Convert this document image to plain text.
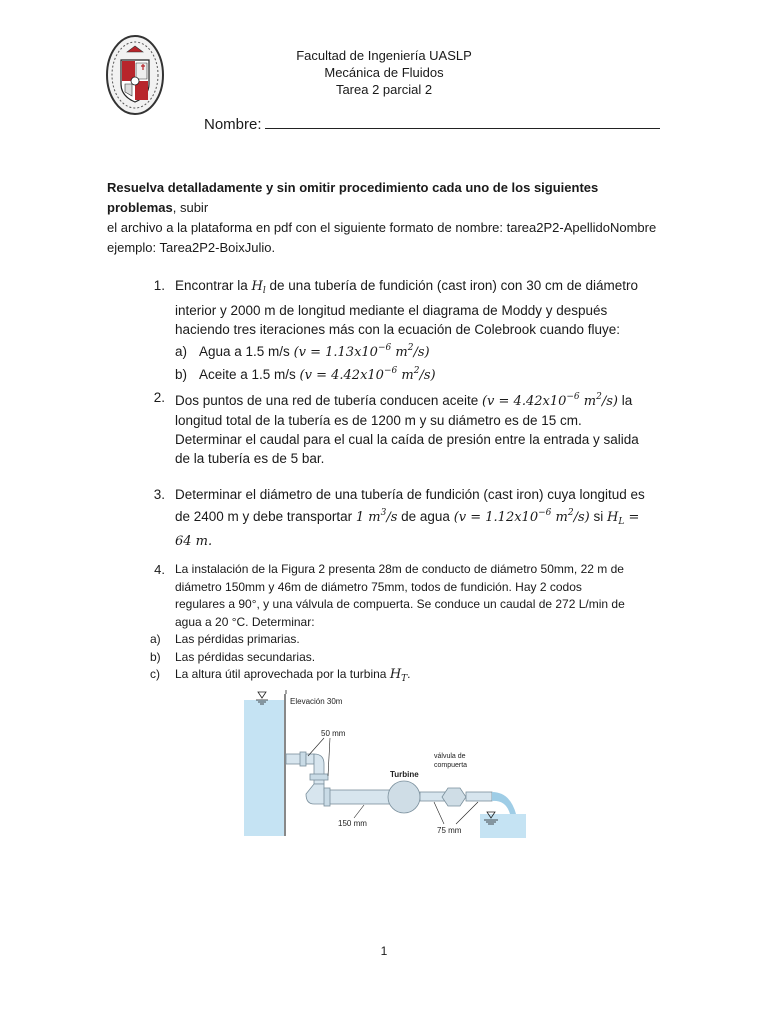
Facultad de Ingeniería UASLP
Mecánica de Fluidos
Tarea 2 parcial 2
Nombre:
Resuelva detalladamente y sin omitir procedimiento cada uno de los siguientes problemas, subir
el archivo a la plataforma en pdf con el siguiente formato de nombre: tarea2P2-ApellidoNombre
ejemplo: Tarea2P2-BoixJulio.
1. Encontrar la $H_l$ de una tubería de fundición (cast iron) con 30 cm de diámetro
interior y 2000 m de longitud mediante el diagrama de Moddy y después
haciendo tres iteraciones más con la ecuación de Colebrook cuando fluye:
a) Agua a 1.5 m/s ($v = 1.13x10^{-6}$ $m^2/s$)
b) Aceite a 1.5 m/s ($v = 4.42x10^{-6}$ $m^2/s$)
2. Dos puntos de una red de tubería conducen aceite ($v = 4.42x10^{-6}$ $m^2/s$) la
longitud total de la tubería es de 1200 m y su diámetro es de 15 cm.
Determinar el caudal para el cual la caída de presión entre la entrada y salida
de la tubería es de 5 bar.
3. Determinar el diámetro de una tubería de fundición (cast iron) cuya longitud es
de 2400 m y debe transportar 1 $m^3/s$ de agua ($v = 1.12x10^{-6}$ $m^2/s$) si $H_L$ =
64 m.
4. La instalación de la Figura 2 presenta 28m de conducto de diámetro 50mm, 22 m de
diámetro 150mm y 46m de diámetro 75mm, todos de fundición. Hay 2 codos
regulares a 90°, y una válvula de compuerta. Se conduce un caudal de 272 L/min de
agua a 20 °C. Determinar:
a) Las pérdidas primarias.
b) Las pérdidas secundarias.
c) La altura útil aprovechada por la turbina $H_T$.
Elevación 30m
Turbine
válvula de
compuerta
50 mm
150 mm
75 mm
1
